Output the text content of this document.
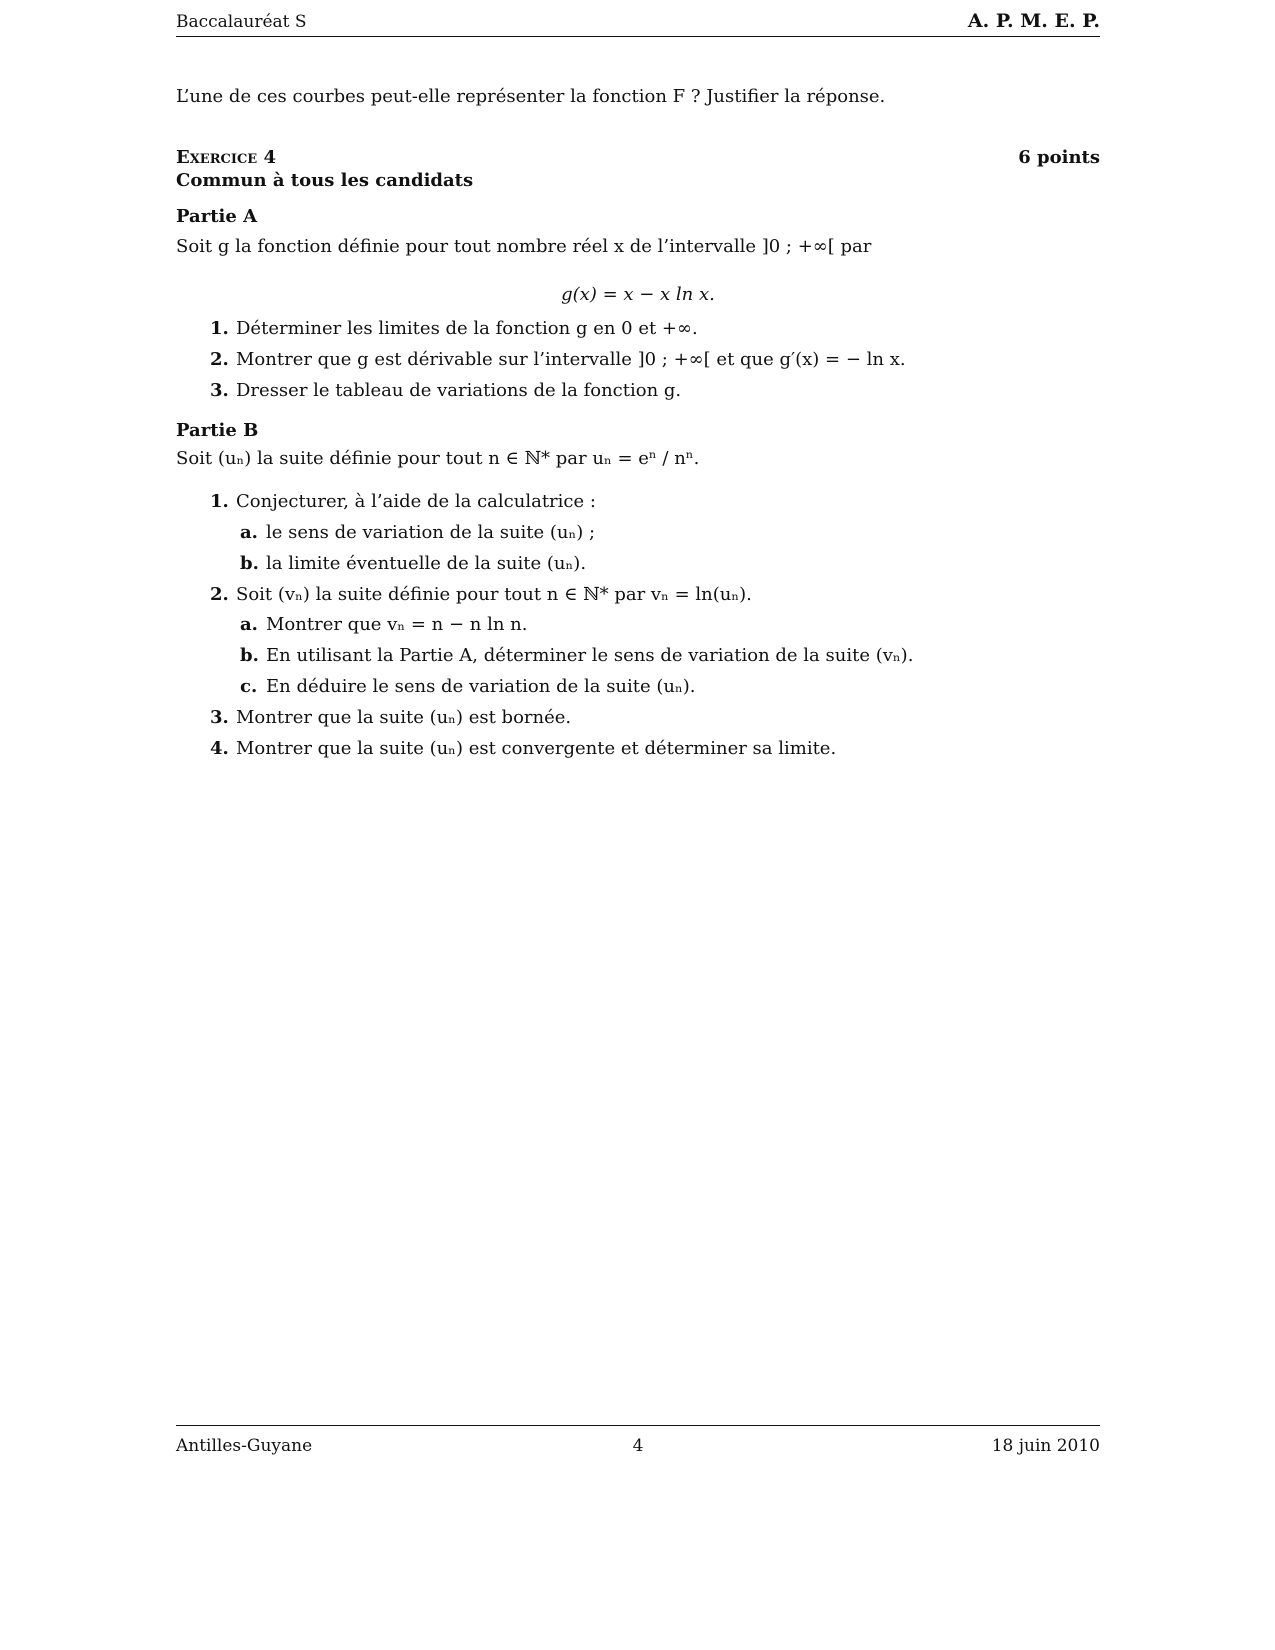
Baccalauréat S	A. P. M. E. P.
L’une de ces courbes peut-elle représenter la fonction F ? Justifier la réponse.
Exercice 4	6 points
Commun à tous les candidats
Partie A
Soit g la fonction définie pour tout nombre réel x de l’intervalle ]0 ; +∞[ par
g(x) = x − x ln x.
1. Déterminer les limites de la fonction g en 0 et +∞.
2. Montrer que g est dérivable sur l’intervalle ]0 ; +∞[ et que g′(x) = − ln x.
3. Dresser le tableau de variations de la fonction g.
Partie B
Soit (uₙ) la suite définie pour tout n ∈ ℕ* par uₙ = eⁿ / nⁿ.
1. Conjecturer, à l’aide de la calculatrice :
a. le sens de variation de la suite (uₙ) ;
b. la limite éventuelle de la suite (uₙ).
2. Soit (vₙ) la suite définie pour tout n ∈ ℕ* par vₙ = ln(uₙ).
a. Montrer que vₙ = n − n ln n.
b. En utilisant la Partie A, déterminer le sens de variation de la suite (vₙ).
c. En déduire le sens de variation de la suite (uₙ).
3. Montrer que la suite (uₙ) est bornée.
4. Montrer que la suite (uₙ) est convergente et déterminer sa limite.
Antilles-Guyane	4	18 juin 2010
